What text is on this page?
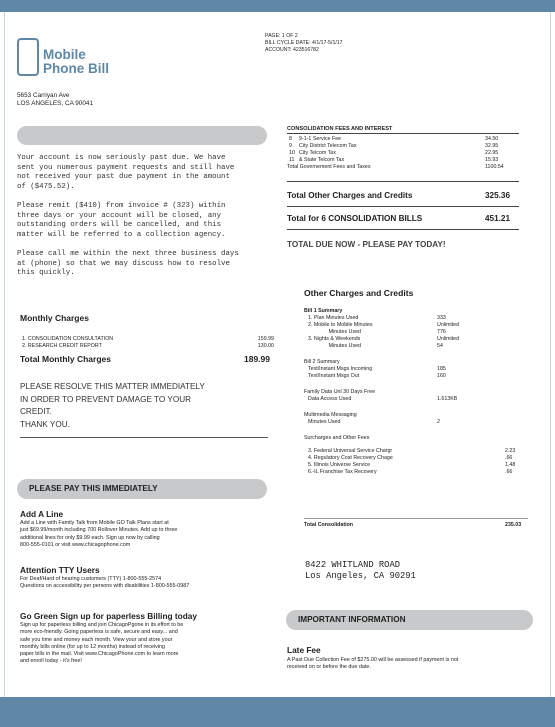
Mobile
Phone Bill
PAGE: 1 OF 2
BILL CYCLE DATE: 4/1/17-5/1/17
ACCOUNT: 423516782
5653 Carriyan Ave
LOS ANGELES, CA 90041
Your account is now seriously past due. We have
sent you numerous payment requests and still have
not received your past due payment in the amount
of ($475.52).
Please remit ($410) from invoice # (323) within
three days or your account will be closed, any
outstanding orders will be cancelled, and this
matter will be referred to a collection agency.
Please call me within the next three business days
at (phone) so that we may discuss how to resolve
this quickly.
Monthly Charges
1. CONSOLIDATION CONSULTATION	159.99
2. RESEARCH CREDIT REPORT	130.00
Total Monthly Charges	189.99
PLEASE RESOLVE THIS MATTER IMMEDIATELY
IN ORDER TO PREVENT DAMAGE TO YOUR
CREDIT.
THANK YOU.
PLEASE PAY THIS IMMEDIATELY
Add A Line
Add a Line with Family Talk from Mobile GO Talk Plans start at
just $69.99/month including 700 Rollover Minutes. Add up to three
additional lines for only $9.99 each. Sign up now by calling
800-555-0101 or visit www.chicagophone.com
Attention TTY Users
For Deaf/Hard of hearing customers (TTY) 1-800-555-2574
Questions on accessibility per persons with disabilities 1-800-555-0987
Go Green Sign up for paperless Billing today
Sign up for paperless billing and join ChicagoPgone in its effort to be
more eco-friendly. Going paperless is safe, secure and easy... and
safe you time and money each month. View your and store your
monthly bills online (for up to 12 months) instead of receiving
paper bills in the mail. Visit www.ChicagoPhone.com to learn more
and enroll today - it's free!
CONSOLIDATION FEES AND INTEREST
8 9-1-1 Service Fee	34.50
9 City District Telecom Tax	32.95
10 City Telcom Tax	22.95
11 & State Telcom Tax	15.93
Total Governement Fees and Taxes	1100.54
Total Other Charges and Credits	325.36
Total for 6 CONSOLIDATION BILLS	451.21
TOTAL DUE NOW - PLEASE PAY TODAY!
Other Charges and Credits
Bill 1 Summary
1. Plan Minutes Used	333
2. Mobile to Mobile Minutes	Unlimited
Minutes Used	776
3. Nights & Weekends	Unlimited
Minutes Used	54
Bill 2 Summary
Text/Instant Msgs Incoming	185
Text/Instant Msgs Out	160
Family Data Unl 30 Days Free
Data Access Used	1.613KB
Multimedia Messaging
Minutes Used	2
Surcharges and Other Fees
3. Federal Universal Service Chargr	2.23
4. Regulatory Cost Recovery Chage	.66
5. Illinois Universe Service	1.48
6.-IL Franchise Tax Recovery	.66
Total Consolidation	235.03
8422 WHITLAND ROAD
Los Angeles, CA 90291
IMPORTANT INFORMATION
Late Fee
A Past Due Collection Fee of $275.00 will be assessed if payment is not
received on or before the due date.
